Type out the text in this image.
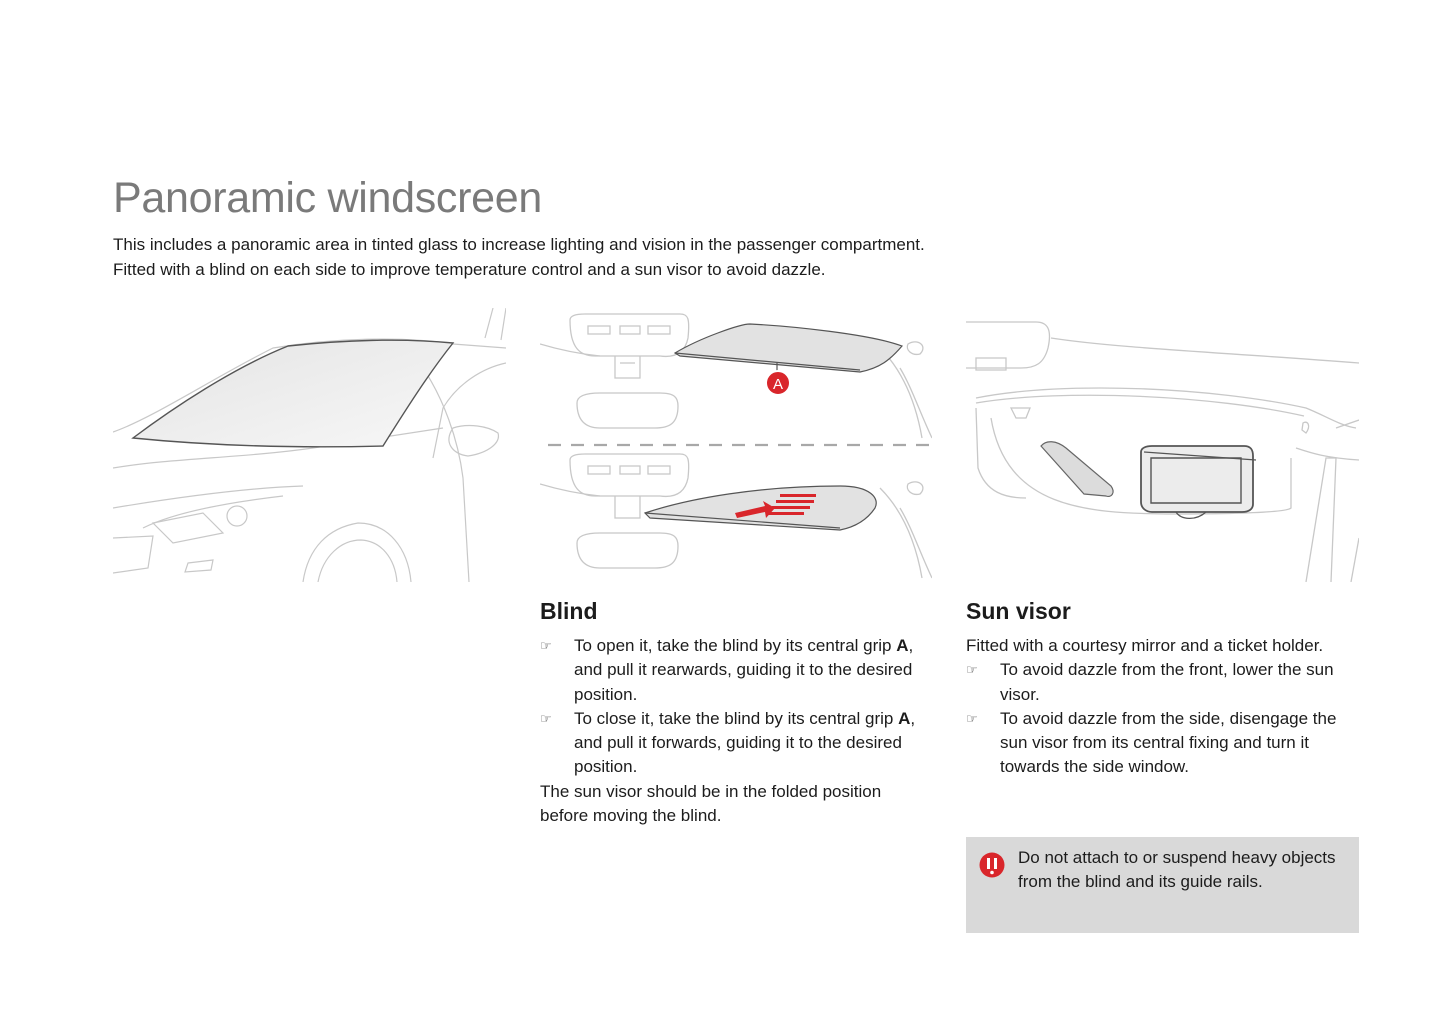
Panoramic windscreen

This includes a panoramic area in tinted glass to increase lighting and vision in the passenger compartment.

Fitted with a blind on each side to improve temperature control and a sun visor to avoid dazzle.

A
Blind
☞	To open it, take the blind by its central grip A, and pull it rearwards, guiding it to the desired position.
☞	To close it, take the blind by its central grip A, and pull it forwards, guiding it to the desired position.

The sun visor should be in the folded position before moving the blind.

Sun visor

Fitted with a courtesy mirror and a ticket holder.

☞	To avoid dazzle from the front, lower the sun visor.
☞	To avoid dazzle from the side, disengage the sun visor from its central fixing and turn it towards the side window.
Do not attach to or suspend heavy objects from the blind and its guide rails.
